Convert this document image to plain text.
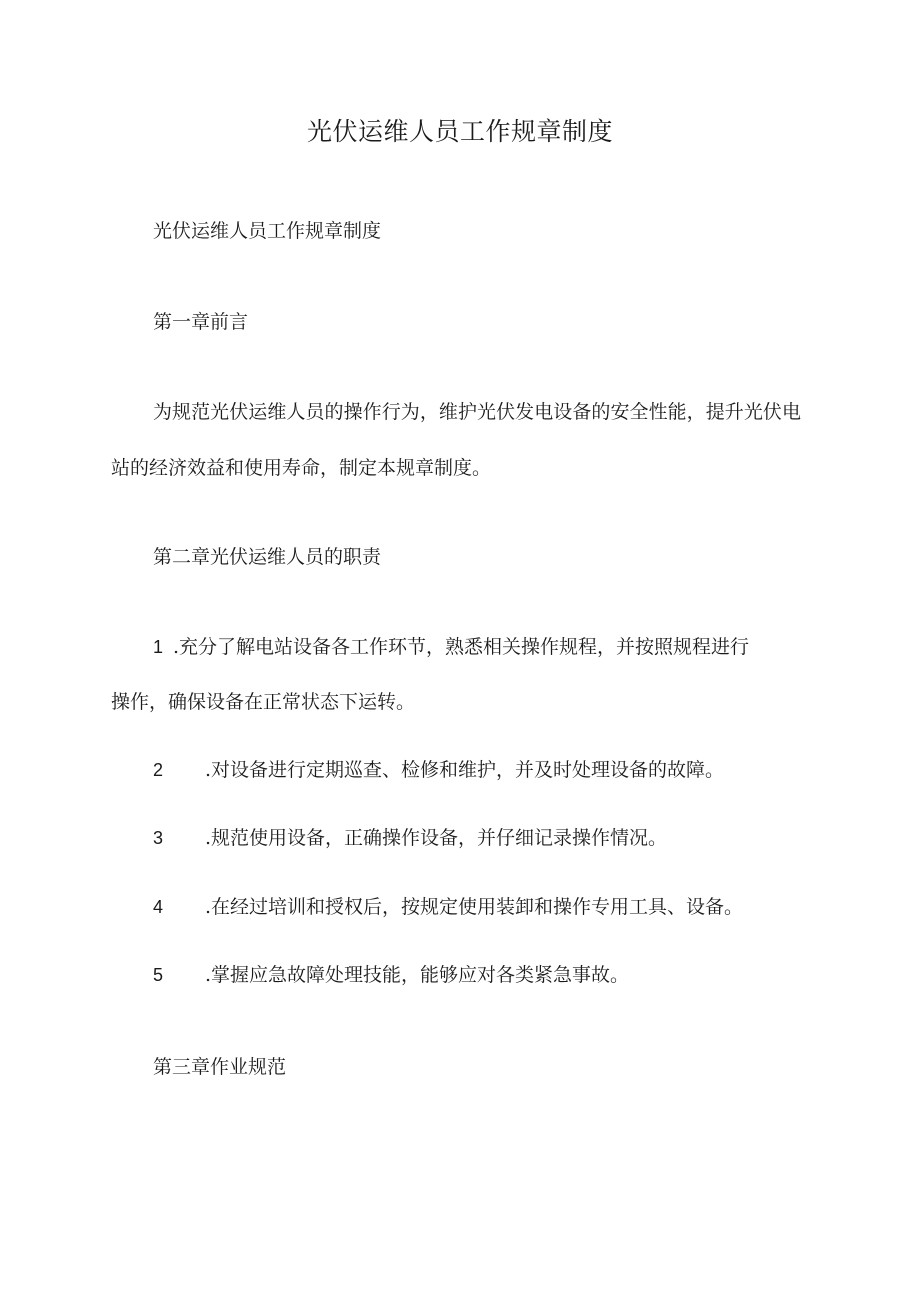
光伏运维人员工作规章制度
光伏运维人员工作规章制度
第一章前言
为规范光伏运维人员的操作行为，维护光伏发电设备的安全性能，提升光伏电站的经济效益和使用寿命，制定本规章制度。
第二章光伏运维人员的职责
1 .充分了解电站设备各工作环节，熟悉相关操作规程，并按照规程进行
操作，确保设备在正常状态下运转。
2 .对设备进行定期巡查、检修和维护，并及时处理设备的故障。
3 .规范使用设备，正确操作设备，并仔细记录操作情况。
4 .在经过培训和授权后，按规定使用装卸和操作专用工具、设备。
5 .掌握应急故障处理技能，能够应对各类紧急事故。
第三章作业规范
